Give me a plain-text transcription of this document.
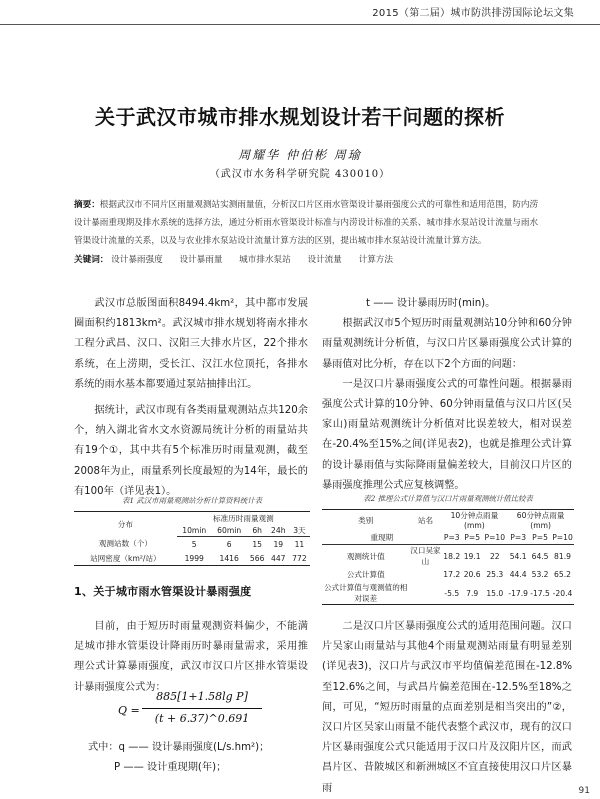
2015（第二届）城市防洪排涝国际论坛文集
关于武汉市城市排水规划设计若干问题的探析
周耀华 仲伯彬 周瑜
（武汉市水务科学研究院 430010）
摘要：根据武汉市不同片区雨量观测站实测雨量值，分析汉口片区雨水管渠设计暴雨强度公式的可靠性和适用范围，防内涝设计暴雨重现期及排水系统的选择方法，通过分析雨水管渠设计标准与内涝设计标准的关系、城市排水泵站设计流量与雨水管渠设计流量的关系，以及与农业排水泵站设计流量计算方法的区别，提出城市排水泵站设计流量计算方法。
关键词： 设计暴雨强度 设计暴雨量 城市排水泵站 设计流量 计算方法

武汉市总版图面积8494.4km²，其中都市发展圈面积约1813km²。武汉城市排水规划将南水排水工程分武昌、汉口、汉阳三大排水片区，22个排水系统，在上涝期，受长江、汉江水位顶托，各排水系统的雨水基本都要通过泵站抽排出江。

据统计，武汉市现有各类雨量观测站点共120余个，纳入湖北省水文水资源局统计分析的雨量站共有19个①，其中共有5个标准历时雨量观测，截至2008年为止，雨量系列长度最短的为14年，最长的有100年（详见表1）。

表1 武汉市雨量观测站分析计算资料统计表
分布	标准历时雨量观测				
	10min	60min	6h	24h	3天
观测站数（个）	5	6	15	19	11
站网密度（km²/站）	1999	1416	566	447	772
1、关于城市雨水管渠设计暴雨强度

目前，由于短历时雨量观测资料偏少，不能满足城市排水管渠设计降雨历时暴雨量需求，采用推理公式计算暴雨强度，武汉市汉口片区排水管渠设计暴雨强度公式为：

Q =
885[1+1.58lg P]
(t + 6.37)^0.691
式中：q —— 设计暴雨强度(L/s.hm²)；
P —— 设计重现期(年)；
t —— 设计暴雨历时(min)。

根据武汉市5个短历时雨量观测站10分钟和60分钟雨量观测统计分析值，与汉口片区暴雨强度公式计算的暴雨值对比分析，存在以下2个方面的问题：

一是汉口片暴雨强度公式的可靠性问题。根据暴雨强度公式计算的10分钟、60分钟雨量值与汉口片区(吴家山)雨量站观测统计分析值对比误差较大，相对误差在-20.4%至15%之间(详见表2)，也就是推理公式计算的设计暴雨值与实际降雨量偏差较大，目前汉口片区的暴雨强度推理公式应复核调整。

表2 推理公式计算值与汉口片雨量观测统计值比较表
类别	站名	10分钟点雨量(mm)			60分钟点雨量(mm)		
重现期		P=3	P=5	P=10	P=3	P=5	P=10
观测统计值	汉口吴家山	18.2	19.1	22	54.1	64.5	81.9
公式计算值		17.2	20.6	25.3	44.4	53.2	65.2
公式计算值与观测值的相对误差		-5.5	7.9	15.0	-17.9	-17.5	-20.4

二是汉口片区暴雨强度公式的适用范围问题。汉口片吴家山雨量站与其他4个雨量观测站雨量有明显差别(详见表3)，汉口片与武汉市平均值偏差范围在-12.8%至12.6%之间，与武昌片偏差范围在-12.5%至18%之间，可见，“短历时雨量的点面差别是相当突出的”②，汉口片区吴家山雨量不能代表整个武汉市，现有的汉口片区暴雨强度公式只能适用于汉口片及汉阳片区，而武昌片区、昔陂城区和新洲城区不宜直接使用汉口片区暴雨	91
